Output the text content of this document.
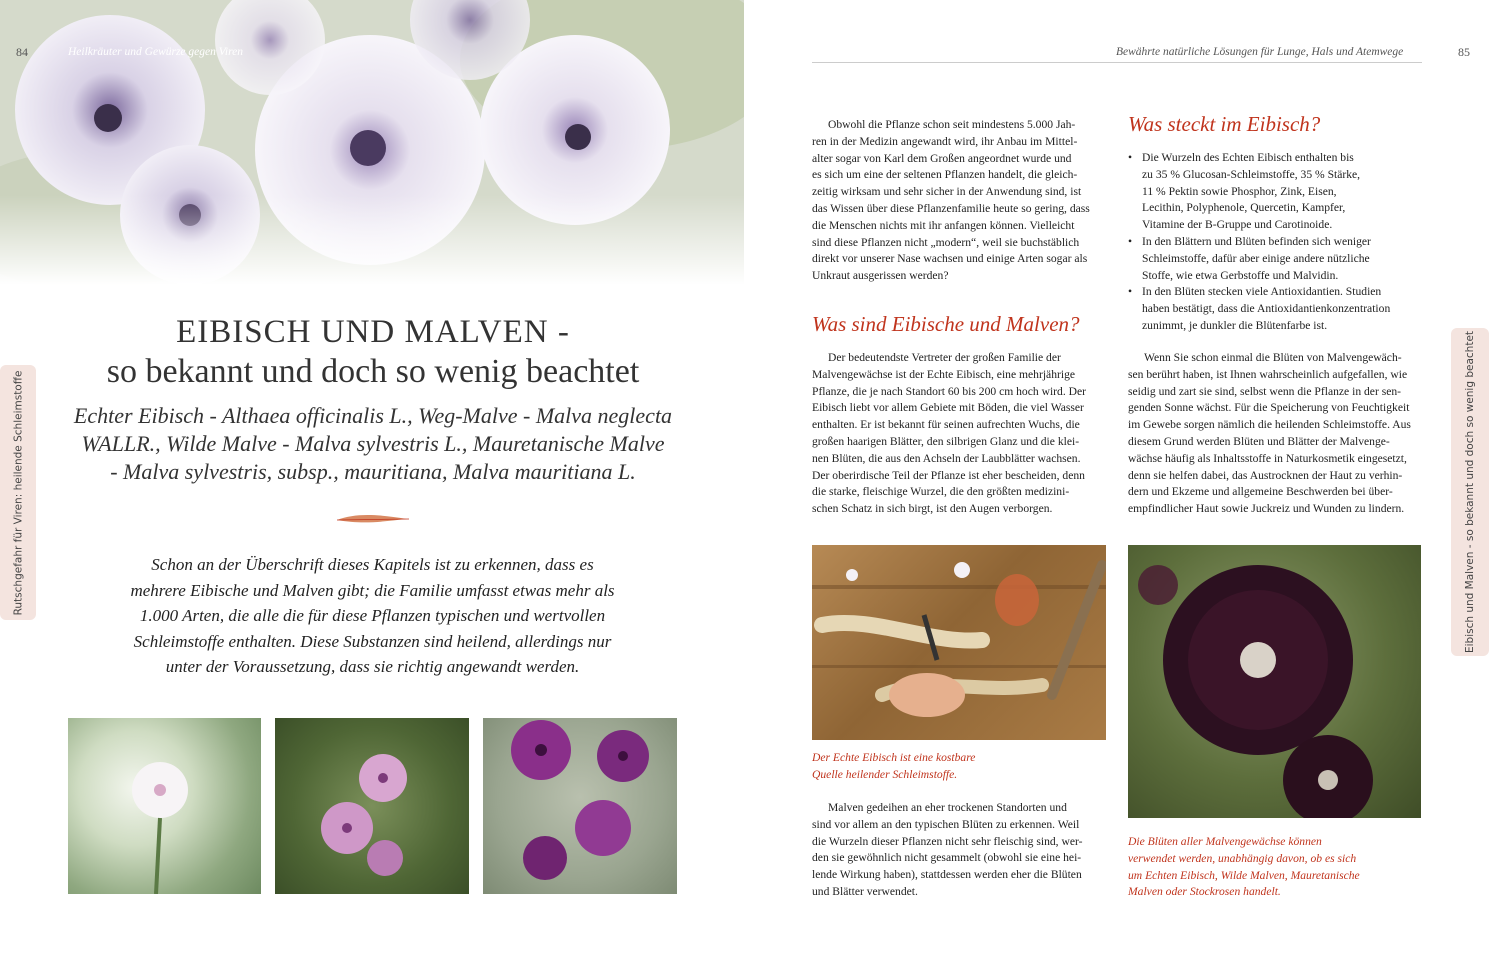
84	Heilkräuter und Gewürze gegen Viren
EIBISCH UND MALVEN -
so bekannt und doch so wenig beachtet
Echter Eibisch - Althaea officinalis L., Weg-Malve - Malva neglecta
WALLR., Wilde Malve - Malva sylvestris L., Mauretanische Malve
- Malva sylvestris, subsp., mauritiana, Malva mauritiana L.
Schon an der Überschrift dieses Kapitels ist zu erkennen, dass es
mehrere Eibische und Malven gibt; die Familie umfasst etwas mehr als
1.000 Arten, die alle die für diese Pflanzen typischen und wertvollen
Schleimstoffe enthalten. Diese Substanzen sind heilend, allerdings nur
unter der Voraussetzung, dass sie richtig angewandt werden.
Rutschgefahr für Viren: heilende Schleimstoffe
Bewährte natürliche Lösungen für Lunge, Hals und Atemwege	85
Obwohl die Pflanze schon seit mindestens 5.000 Jah-
ren in der Medizin angewandt wird, ihr Anbau im Mittel-
alter sogar von Karl dem Großen angeordnet wurde und
es sich um eine der seltenen Pflanzen handelt, die gleich-
zeitig wirksam und sehr sicher in der Anwendung sind, ist
das Wissen über diese Pflanzenfamilie heute so gering, dass
die Menschen nichts mit ihr anfangen können. Vielleicht
sind diese Pflanzen nicht „modern“, weil sie buchstäblich
direkt vor unserer Nase wachsen und einige Arten sogar als
Unkraut ausgerissen werden?
Was sind Eibische und Malven?
Der bedeutendste Vertreter der großen Familie der
Malvengewächse ist der Echte Eibisch, eine mehrjährige
Pflanze, die je nach Standort 60 bis 200 cm hoch wird. Der
Eibisch liebt vor allem Gebiete mit Böden, die viel Wasser
enthalten. Er ist bekannt für seinen aufrechten Wuchs, die
großen haarigen Blätter, den silbrigen Glanz und die klei-
nen Blüten, die aus den Achseln der Laubblätter wachsen.
Der oberirdische Teil der Pflanze ist eher bescheiden, denn
die starke, fleischige Wurzel, die den größten medizini-
schen Schatz in sich birgt, ist den Augen verborgen.
Der Echte Eibisch ist eine kostbare
Quelle heilender Schleimstoffe.
Malven gedeihen an eher trockenen Standorten und
sind vor allem an den typischen Blüten zu erkennen. Weil
die Wurzeln dieser Pflanzen nicht sehr fleischig sind, wer-
den sie gewöhnlich nicht gesammelt (obwohl sie eine hei-
lende Wirkung haben), stattdessen werden eher die Blüten
und Blätter verwendet.
Was steckt im Eibisch?
• Die Wurzeln des Echten Eibisch enthalten bis
zu 35 % Glucosan-Schleimstoffe, 35 % Stärke,
11 % Pektin sowie Phosphor, Zink, Eisen,
Lecithin, Polyphenole, Quercetin, Kampfer,
Vitamine der B-Gruppe und Carotinoide.
• In den Blättern und Blüten befinden sich weniger
Schleimstoffe, dafür aber einige andere nützliche
Stoffe, wie etwa Gerbstoffe und Malvidin.
• In den Blüten stecken viele Antioxidantien. Studien
haben bestätigt, dass die Antioxidantienkonzentration
zunimmt, je dunkler die Blütenfarbe ist.
Wenn Sie schon einmal die Blüten von Malvengewäch-
sen berührt haben, ist Ihnen wahrscheinlich aufgefallen, wie
seidig und zart sie sind, selbst wenn die Pflanze in der sen-
genden Sonne wächst. Für die Speicherung von Feuchtigkeit
im Gewebe sorgen nämlich die heilenden Schleimstoffe. Aus
diesem Grund werden Blüten und Blätter der Malvenge-
wächse häufig als Inhaltsstoffe in Naturkosmetik eingesetzt,
denn sie helfen dabei, das Austrocknen der Haut zu verhin-
dern und Ekzeme und allgemeine Beschwerden bei über-
empfindlicher Haut sowie Juckreiz und Wunden zu lindern.
Die Blüten aller Malvengewächse können
verwendet werden, unabhängig davon, ob es sich
um Echten Eibisch, Wilde Malven, Mauretanische
Malven oder Stockrosen handelt.
Eibisch und Malven - so bekannt und doch so wenig beachtet
